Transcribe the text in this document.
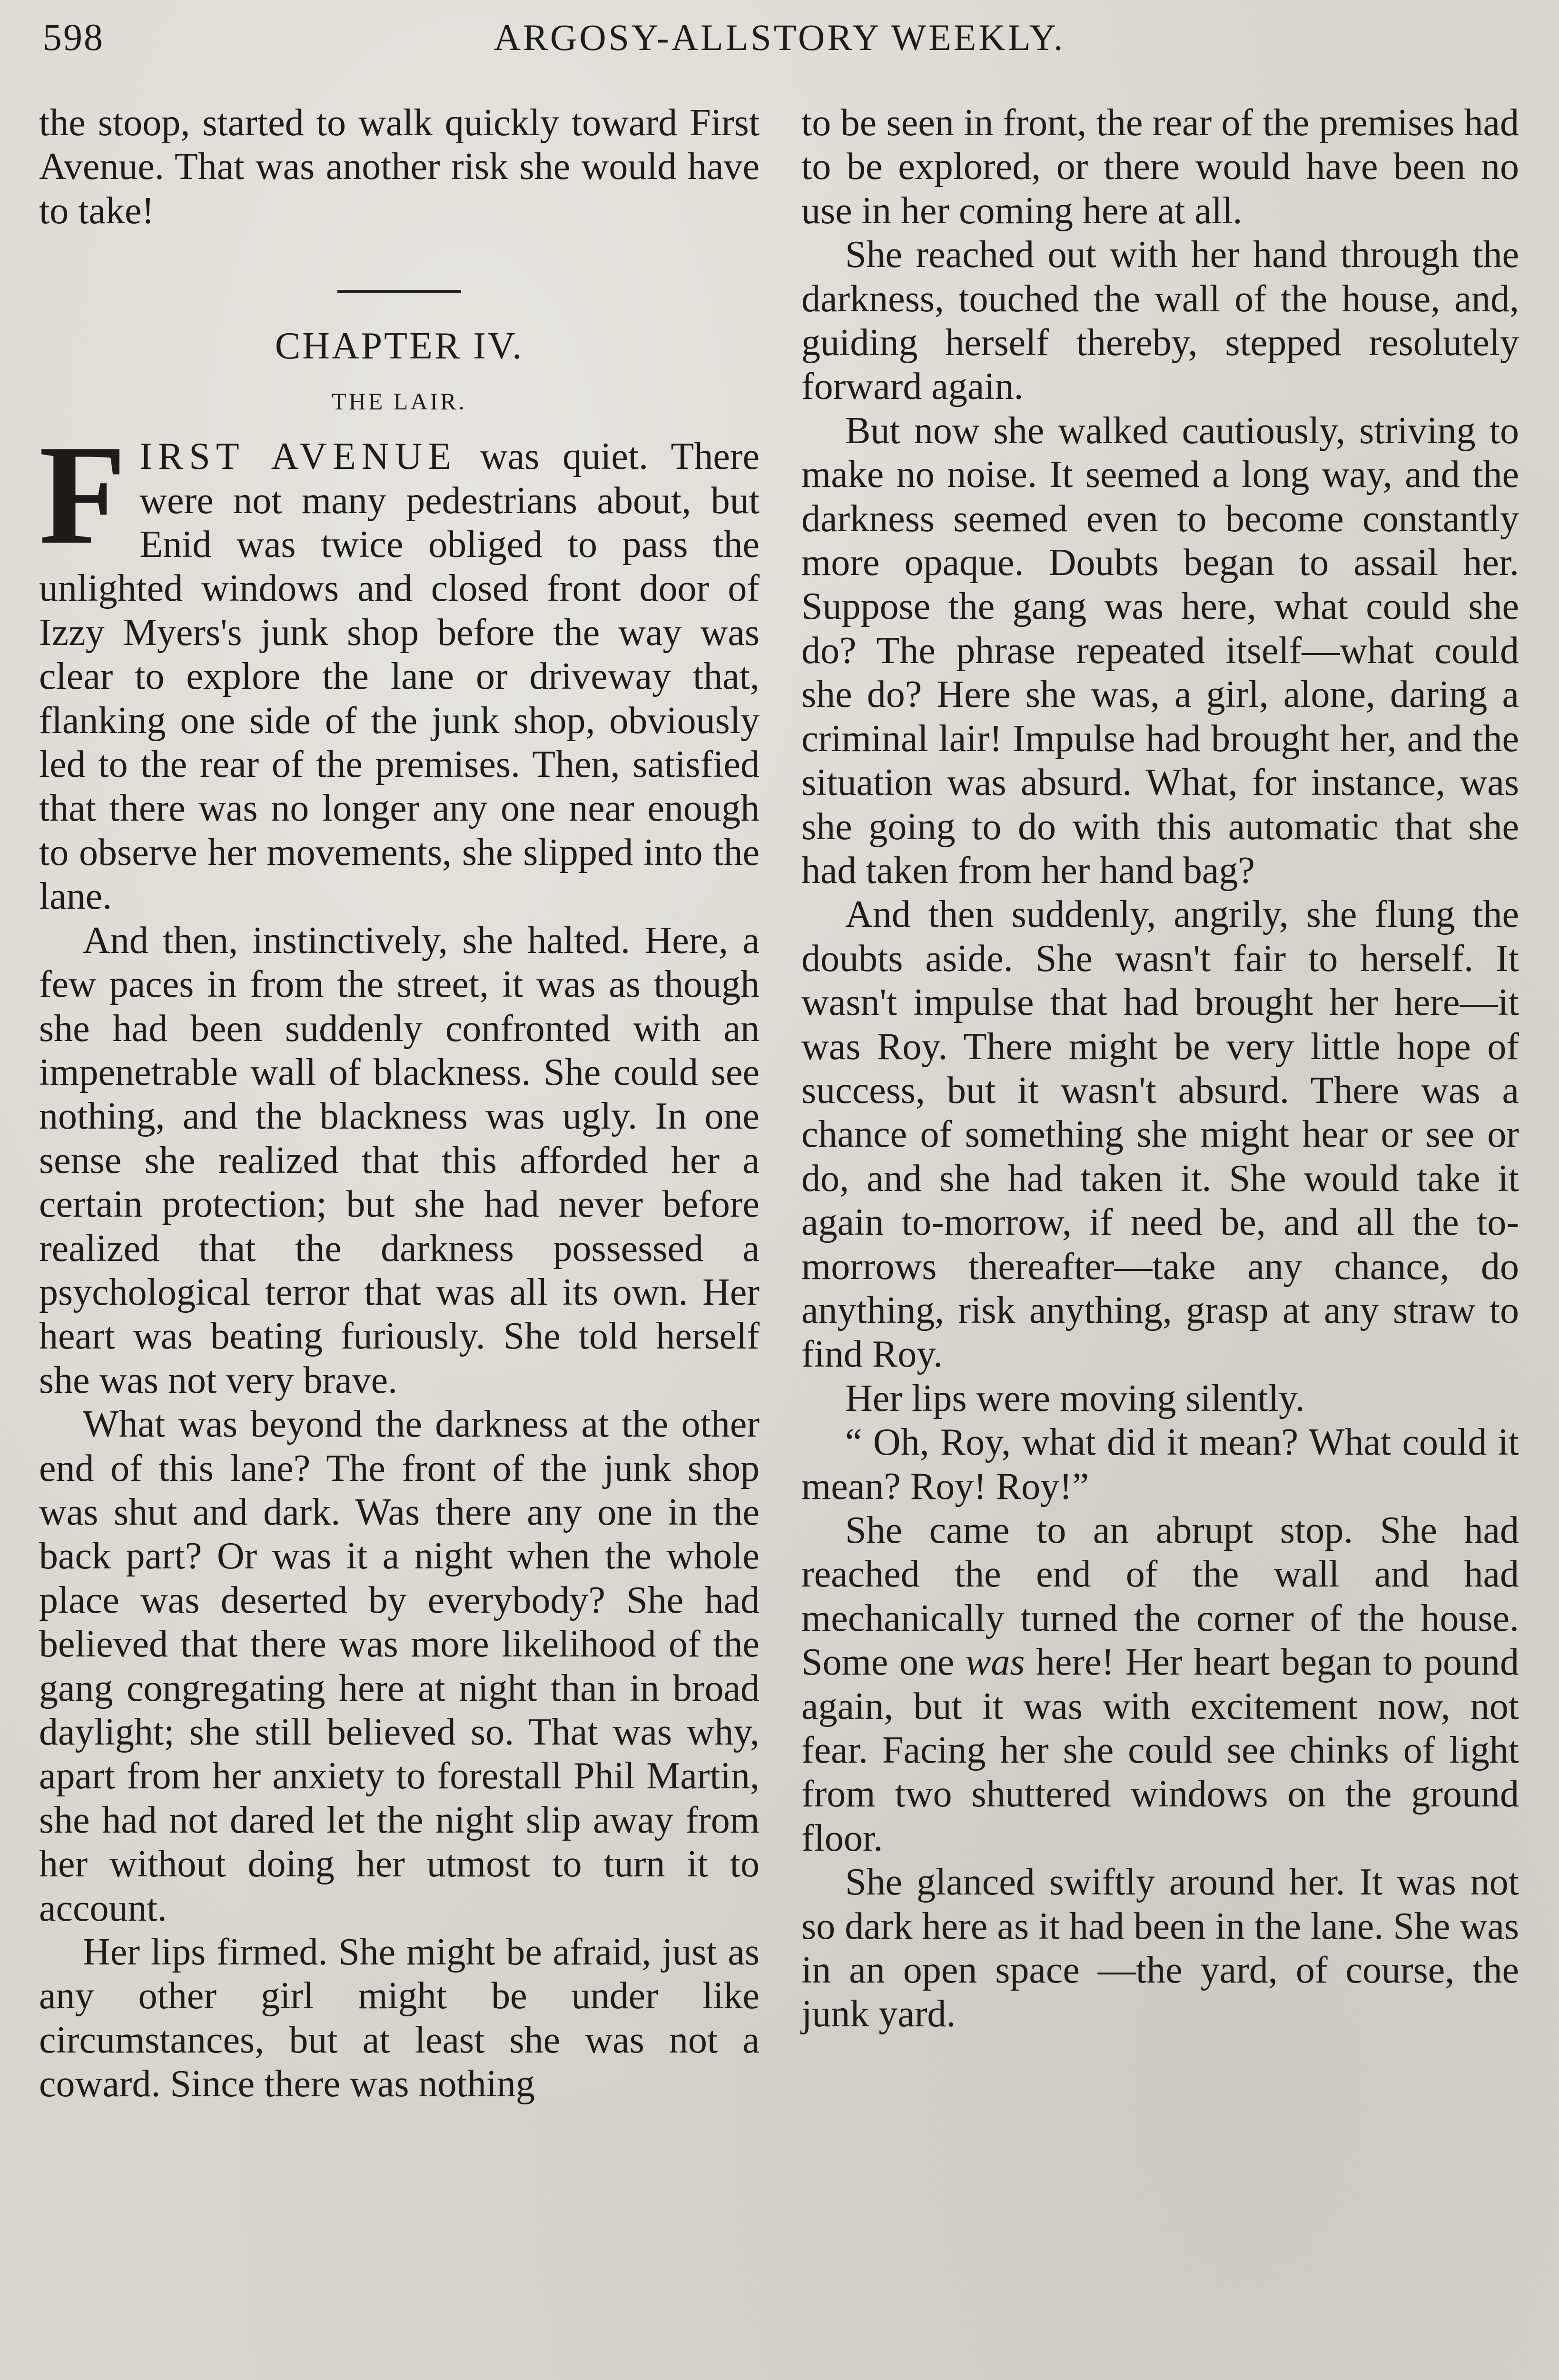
598	ARGOSY-ALLSTORY WEEKLY.

the stoop, started to walk quickly toward First Avenue. That was another risk she would have to take!

CHAPTER IV.
THE LAIR.

FIRST AVENUE was quiet. There were not many pedestrians about, but Enid was twice obliged to pass the unlighted windows and closed front door of Izzy Myers's junk shop before the way was clear to explore the lane or driveway that, flanking one side of the junk shop, obviously led to the rear of the premises. Then, satisfied that there was no longer any one near enough to observe her movements, she slipped into the lane.

And then, instinctively, she halted. Here, a few paces in from the street, it was as though she had been suddenly confronted with an impenetrable wall of blackness. She could see nothing, and the blackness was ugly. In one sense she realized that this afforded her a certain protection; but she had never before realized that the darkness possessed a psychological terror that was all its own. Her heart was beating furiously. She told herself she was not very brave.

What was beyond the darkness at the other end of this lane? The front of the junk shop was shut and dark. Was there any one in the back part? Or was it a night when the whole place was deserted by everybody? She had believed that there was more likelihood of the gang congregating here at night than in broad daylight; she still believed so. That was why, apart from her anxiety to forestall Phil Martin, she had not dared let the night slip away from her without doing her utmost to turn it to account.

Her lips firmed. She might be afraid, just as any other girl might be under like circumstances, but at least she was not a coward. Since there was nothing

to be seen in front, the rear of the premises had to be explored, or there would have been no use in her coming here at all.

She reached out with her hand through the darkness, touched the wall of the house, and, guiding herself thereby, stepped resolutely forward again.

But now she walked cautiously, striving to make no noise. It seemed a long way, and the darkness seemed even to become constantly more opaque. Doubts began to assail her. Suppose the gang was here, what could she do? The phrase repeated itself—what could she do? Here she was, a girl, alone, daring a criminal lair! Impulse had brought her, and the situation was absurd. What, for instance, was she going to do with this automatic that she had taken from her hand bag?

And then suddenly, angrily, she flung the doubts aside. She wasn't fair to herself. It wasn't impulse that had brought her here—it was Roy. There might be very little hope of success, but it wasn't absurd. There was a chance of something she might hear or see or do, and she had taken it. She would take it again to-morrow, if need be, and all the to-morrows thereafter—take any chance, do anything, risk anything, grasp at any straw to find Roy.

Her lips were moving silently.

“ Oh, Roy, what did it mean? What could it mean? Roy! Roy!”

She came to an abrupt stop. She had reached the end of the wall and had mechanically turned the corner of the house. Some one was here! Her heart began to pound again, but it was with excitement now, not fear. Facing her she could see chinks of light from two shuttered windows on the ground floor.

She glanced swiftly around her. It was not so dark here as it had been in the lane. She was in an open space —the yard, of course, the junk yard.
